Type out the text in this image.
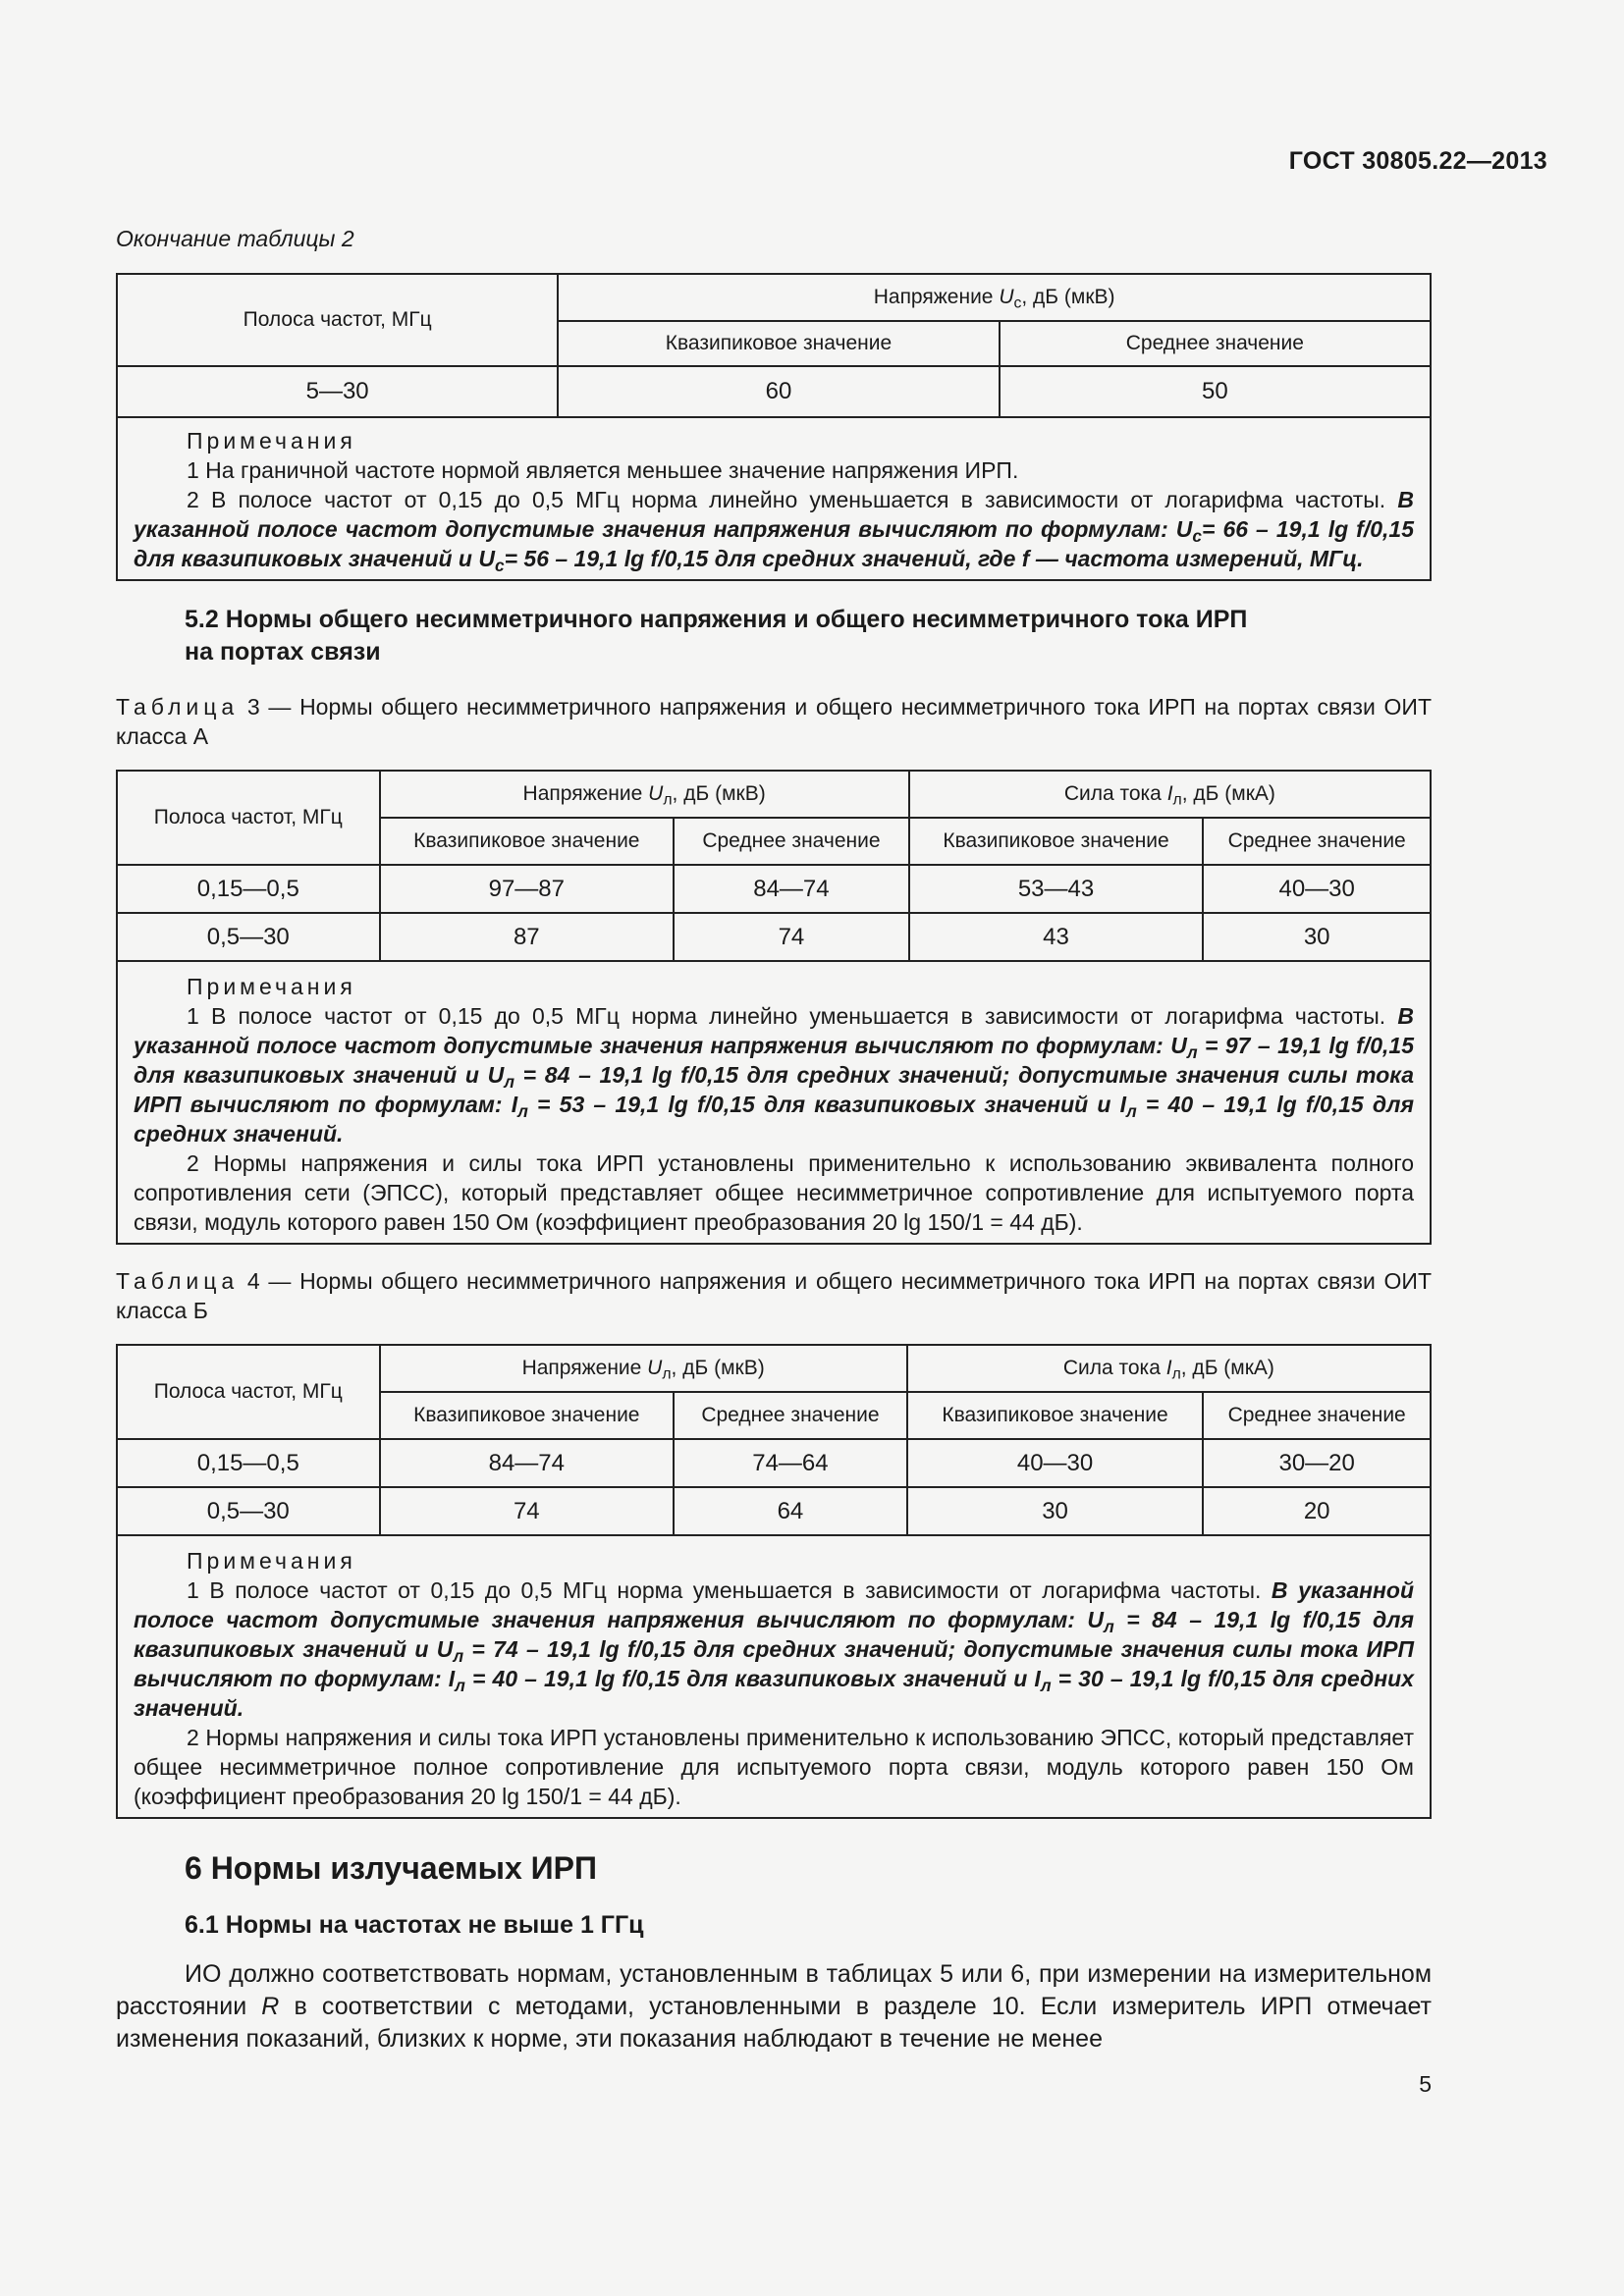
ГОСТ 30805.22—2013
Окончание таблицы 2
Полоса частот, МГц	Напряжение $U_с$, дБ (мкВ)	
	Квазипиковое значение	Среднее значение
5—30	60	50
Примечания
1 На граничной частоте нормой является меньшее значение напряжения ИРП.
2 В полосе частот от 0,15 до 0,5 МГц норма линейно уменьшается в зависимости от логарифма частоты. В указанной полосе частот допустимые значения напряжения вычисляют по формулам: $U_с= 66 - 19,1$ lg f/0,15 для квазипиковых значений и $U_с= 56 - 19,1$ lg f/0,15 для средних значений, где f — частота измерений, МГц.
5.2 Нормы общего несимметричного напряжения и общего несимметричного тока ИРП
на портах связи
Таблица 3 — Нормы общего несимметричного напряжения и общего несимметричного тока ИРП на портах связи ОИТ класса А
Полоса частот, МГц	Напряжение $U_л$, дБ (мкВ)		Сила тока $I_л$, дБ (мкА)	
	Квазипиковое значение	Среднее значение	Квазипиковое значение	Среднее значение
0,15—0,5	97—87	84—74	53—43	40—30
0,5—30	87	74	43	30
Примечания
1 В полосе частот от 0,15 до 0,5 МГц норма линейно уменьшается в зависимости от логарифма частоты. В указанной полосе частот допустимые значения напряжения вычисляют по формулам: $U_л = 97 - 19,1$ lg f/0,15 для квазипиковых значений и $U_л = 84 - 19,1$ lg f/0,15 для средних значений; допустимые значения силы тока ИРП вычисляют по формулам: $I_л = 53 - 19,1$ lg f/0,15 для квазипиковых значений и $I_л = 40 - 19,1$ lg f/0,15 для средних значений.
2 Нормы напряжения и силы тока ИРП установлены применительно к использованию эквивалента полного сопротивления сети (ЭПСС), который представляет общее несимметричное сопротивление для испытуемого порта связи, модуль которого равен 150 Ом (коэффициент преобразования 20 lg 150/1 = 44 дБ).
Таблица 4 — Нормы общего несимметричного напряжения и общего несимметричного тока ИРП на портах связи ОИТ класса Б
Полоса частот, МГц	Напряжение $U_л$, дБ (мкВ)		Сила тока $I_л$, дБ (мкА)	
	Квазипиковое значение	Среднее значение	Квазипиковое значение	Среднее значение
0,15—0,5	84—74	74—64	40—30	30—20
0,5—30	74	64	30	20
Примечания
1 В полосе частот от 0,15 до 0,5 МГц норма уменьшается в зависимости от логарифма частоты. В указанной полосе частот допустимые значения напряжения вычисляют по формулам: $U_л = 84 - 19,1$ lg f/0,15 для квазипиковых значений и $U_л = 74 - 19,1$ lg f/0,15 для средних значений; допустимые значения силы тока ИРП вычисляют по формулам: $I_л = 40 - 19,1$ lg f/0,15 для квазипиковых значений и $I_л = 30 - 19,1$ lg f/0,15 для средних значений.
2 Нормы напряжения и силы тока ИРП установлены применительно к использованию ЭПСС, который представляет общее несимметричное полное сопротивление для испытуемого порта связи, модуль которого равен 150 Ом (коэффициент преобразования 20 lg 150/1 = 44 дБ).
6 Нормы излучаемых ИРП
6.1 Нормы на частотах не выше 1 ГГц
ИО должно соответствовать нормам, установленным в таблицах 5 или 6, при измерении на измерительном расстоянии R в соответствии с методами, установленными в разделе 10. Если измеритель ИРП отмечает изменения показаний, близких к норме, эти показания наблюдают в течение не менее
5
